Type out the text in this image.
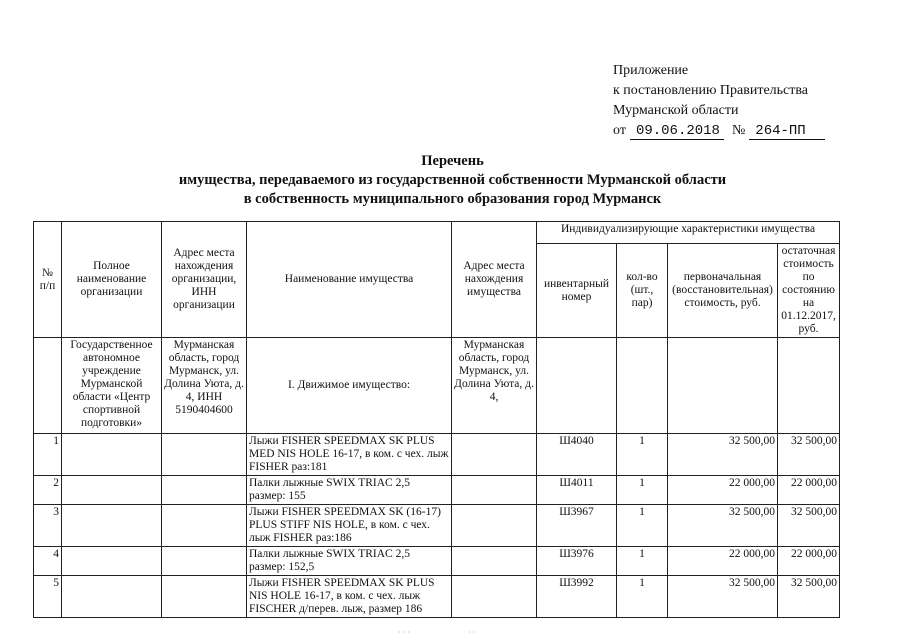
Приложение
к постановлению Правительства
Мурманской области
от 09.06.2018 № 264-ПП
Перечень
имущества, передаваемого из государственной собственности Мурманской области
в собственность муниципального образования город Мурманск
№ п/п	Полное наименование организации	Адрес места нахождения организации, ИНН организации	Наименование имущества	Адрес места нахождения имущества	Индивидуализирующие характеристики имущества			
					инвентарный номер	кол-во (шт., пар)	первоначальная (восстановительная) стоимость, руб.	остаточная стоимость по состоянию на 01.12.2017, руб.
	Государственное автономное учреждение Мурманской области «Центр спортивной подготовки»	Мурманская область, город Мурманск, ул. Долина Уюта, д. 4, ИНН 5190404600	I. Движимое имущество:	Мурманская область, город Мурманск, ул. Долина Уюта, д. 4,				
1			Лыжи FISHER SPEEDMAX SK PLUS MED NIS HOLE 16-17, в ком. с чех. лыж FISHER раз:181		Ш4040	1	32 500,00	32 500,00
2			Палки лыжные SWIX TRIAC 2,5 размер: 155		Ш4011	1	22 000,00	22 000,00
3			Лыжи FISHER SPEEDMAX SK (16-17) PLUS STIFF NIS HOLE, в ком. с чех. лыж FISHER раз:186		Ш3967	1	32 500,00	32 500,00
4			Палки лыжные SWIX TRIAC 2,5 размер: 152,5		Ш3976	1	22 000,00	22 000,00
5			Лыжи FISHER SPEEDMAX SK PLUS NIS HOLE 16-17, в ком. с чех. лыж FISCHER д/перев. лыж, размер 186		Ш3992	1	32 500,00	32 500,00
· · ·	· ·
